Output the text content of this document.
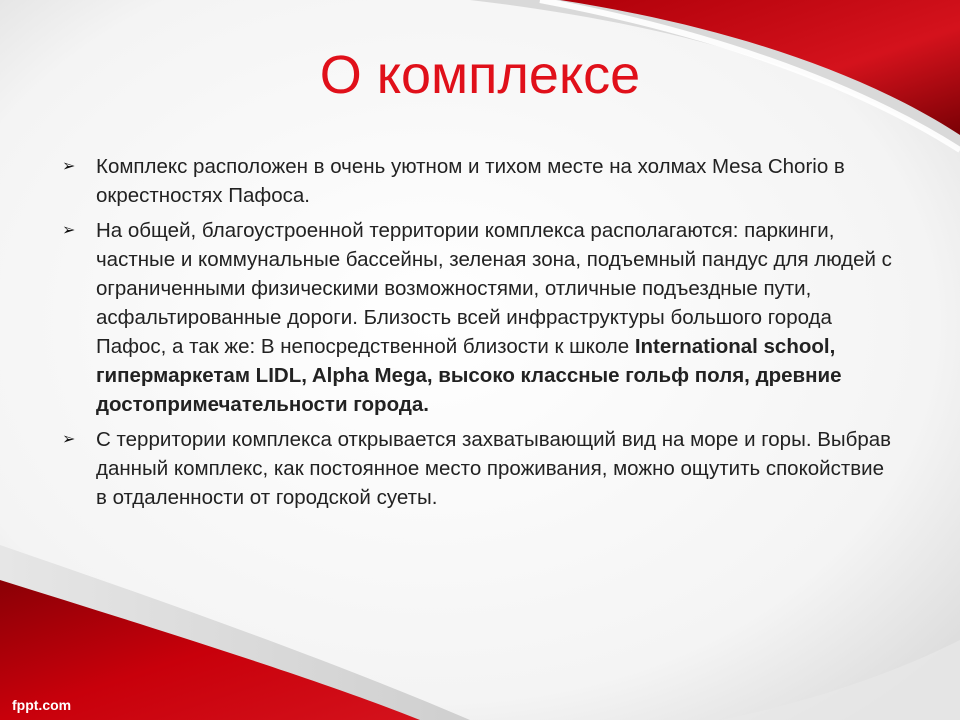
О комплексе
➢	Комплекс расположен в очень уютном и тихом месте на холмах Mesa Chorio в окрестностях Пафоса.
➢	На общей, благоустроенной территории комплекса располагаются: паркинги, частные и коммунальные бассейны, зеленая зона, подъемный пандус для людей с ограниченными физическими возможностями, отличные подъездные пути, асфальтированные дороги. Близость всей инфраструктуры большого города Пафос, а так же: В непосредственной близости к школе International school, гипермаркетам LIDL, Alpha Mega, высоко классные гольф поля, древние достопримечательности города.
➢	С территории комплекса открывается захватывающий вид на море и горы. Выбрав данный комплекс, как постоянное место проживания, можно ощутить спокойствие в отдаленности от городской суеты.
fppt.com
